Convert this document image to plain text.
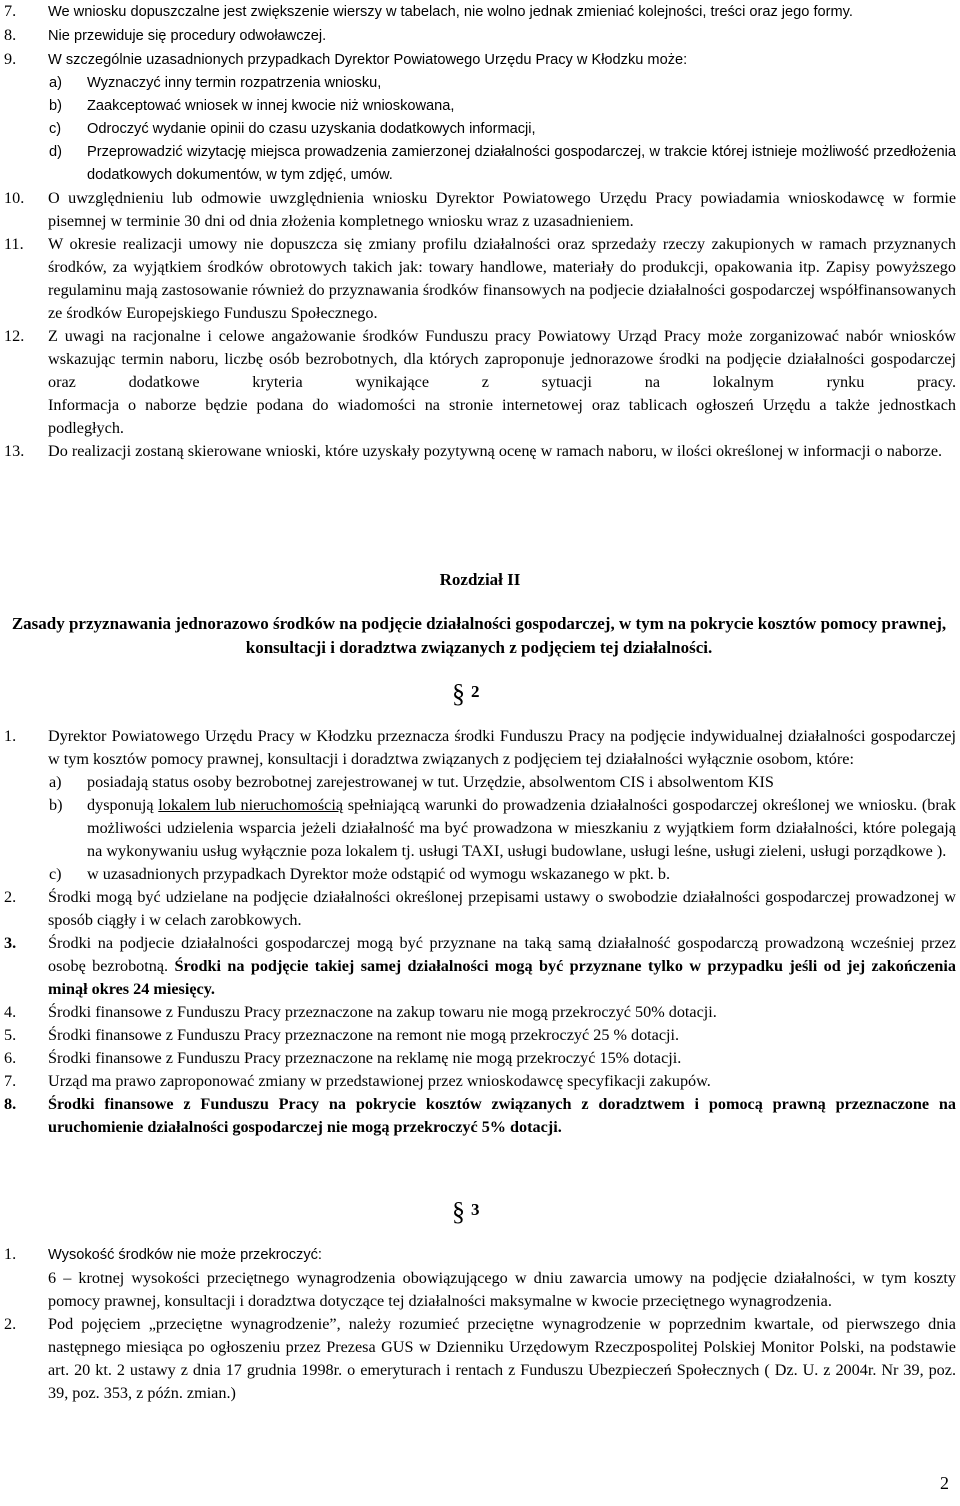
7. We wniosku dopuszczalne jest zwiększenie wierszy w tabelach, nie wolno jednak zmieniać kolejności, treści oraz jego formy.
8. Nie przewiduje się procedury odwoławczej.
9. W szczególnie uzasadnionych przypadkach Dyrektor Powiatowego Urzędu Pracy w Kłodzku może:
a) Wyznaczyć inny termin rozpatrzenia wniosku,
b) Zaakceptować wniosek w innej kwocie niż wnioskowana,
c) Odroczyć wydanie opinii do czasu uzyskania dodatkowych informacji,
d) Przeprowadzić wizytację miejsca prowadzenia zamierzonej działalności gospodarczej, w trakcie której istnieje możliwość przedłożenia dodatkowych dokumentów, w tym zdjęć, umów.
10. O uwzględnieniu lub odmowie uwzględnienia wniosku Dyrektor Powiatowego Urzędu Pracy powiadamia wnioskodawcę w formie pisemnej w terminie 30 dni od dnia złożenia kompletnego wniosku wraz z uzasadnieniem.
11. W okresie realizacji umowy nie dopuszcza się zmiany profilu działalności oraz sprzedaży rzeczy zakupionych w ramach przyznanych środków, za wyjątkiem środków obrotowych takich jak: towary handlowe, materiały do produkcji, opakowania itp. Zapisy powyższego regulaminu mają zastosowanie również do przyznawania środków finansowych na podjecie działalności gospodarczej współfinansowanych ze środków Europejskiego Funduszu Społecznego.
12. Z uwagi na racjonalne i celowe angażowanie środków Funduszu pracy Powiatowy Urząd Pracy może zorganizować nabór wniosków wskazując termin naboru, liczbę osób bezrobotnych, dla których zaproponuje jednorazowe środki na podjęcie działalności gospodarczej oraz dodatkowe kryteria wynikające z sytuacji na lokalnym rynku pracy.
Informacja o naborze będzie podana do wiadomości na stronie internetowej oraz tablicach ogłoszeń Urzędu a także jednostkach podległych.
13. Do realizacji zostaną skierowane wnioski, które uzyskały pozytywną ocenę w ramach naboru, w ilości określonej w informacji o naborze.
Rozdział II
Zasady przyznawania jednorazowo środków na podjęcie działalności gospodarczej, w tym na pokrycie kosztów pomocy prawnej, konsultacji i doradztwa związanych z podjęciem tej działalności.
§ 2
1. Dyrektor Powiatowego Urzędu Pracy w Kłodzku przeznacza środki Funduszu Pracy na podjęcie indywidualnej działalności gospodarczej w tym kosztów pomocy prawnej, konsultacji i doradztwa związanych z podjęciem tej działalności wyłącznie osobom, które:
a) posiadają status osoby bezrobotnej zarejestrowanej w tut. Urzędzie, absolwentom CIS i absolwentom KIS
b) dysponują lokalem lub nieruchomością spełniającą warunki do prowadzenia działalności gospodarczej określonej we wniosku. (brak możliwości udzielenia wsparcia jeżeli działalność ma być prowadzona w mieszkaniu z wyjątkiem form działalności, które polegają na wykonywaniu usług wyłącznie poza lokalem tj. usługi TAXI, usługi budowlane, usługi leśne, usługi zieleni, usługi porządkowe ).
c) w uzasadnionych przypadkach Dyrektor może odstąpić od wymogu wskazanego w pkt. b.
2. Środki mogą być udzielane na podjęcie działalności określonej przepisami ustawy o swobodzie działalności gospodarczej prowadzonej w sposób ciągły i w celach zarobkowych.
3. Środki na podjecie działalności gospodarczej mogą być przyznane na taką samą działalność gospodarczą prowadzoną wcześniej przez osobę bezrobotną. Środki na podjęcie takiej samej działalności mogą być przyznane tylko w przypadku jeśli od jej zakończenia minął okres 24 miesięcy.
4. Środki finansowe z Funduszu Pracy przeznaczone na zakup towaru nie mogą przekroczyć 50% dotacji.
5. Środki finansowe z Funduszu Pracy przeznaczone na remont nie mogą przekroczyć 25 % dotacji.
6. Środki finansowe z Funduszu Pracy przeznaczone na reklamę nie mogą przekroczyć 15% dotacji.
7. Urząd ma prawo zaproponować zmiany w przedstawionej przez wnioskodawcę specyfikacji zakupów.
8. Środki finansowe z Funduszu Pracy na pokrycie kosztów związanych z doradztwem i pomocą prawną przeznaczone na uruchomienie działalności gospodarczej nie mogą przekroczyć 5% dotacji.
§ 3
1. Wysokość środków nie może przekroczyć:
6 – krotnej wysokości przeciętnego wynagrodzenia obowiązującego w dniu zawarcia umowy na podjęcie działalności, w tym koszty pomocy prawnej, konsultacji i doradztwa dotyczące tej działalności maksymalne w kwocie przeciętnego wynagrodzenia.
2. Pod pojęciem „przeciętne wynagrodzenie”, należy rozumieć przeciętne wynagrodzenie w poprzednim kwartale, od pierwszego dnia następnego miesiąca po ogłoszeniu przez Prezesa GUS w Dzienniku Urzędowym Rzeczpospolitej Polskiej Monitor Polski, na podstawie art. 20 kt. 2 ustawy z dnia 17 grudnia 1998r. o emeryturach i rentach z Funduszu Ubezpieczeń Społecznych ( Dz. U. z 2004r. Nr 39, poz. 39, poz. 353, z późn. zmian.)
2
